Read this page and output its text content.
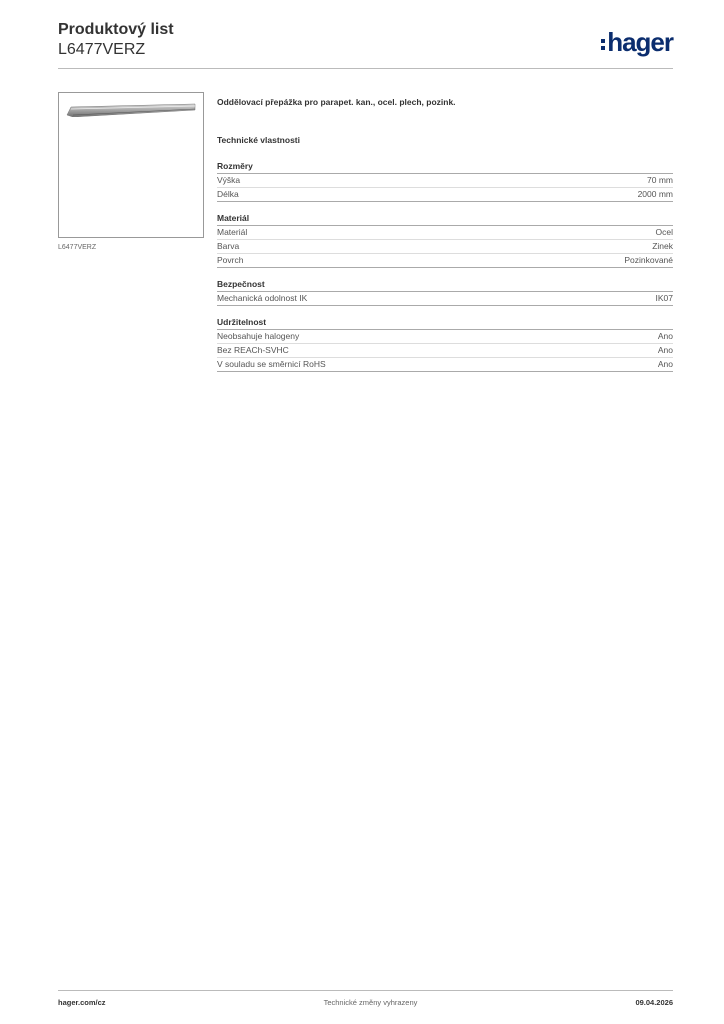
Produktový list
L6477VERZ	hager
L6477VERZ

Oddělovací přepážka pro parapet. kan., ocel. plech, pozink.

Technické vlastnosti
Rozměry
Výška	70 mm
Délka	2000 mm
Materiál
Materiál	Ocel
Barva	Zinek
Povrch	Pozinkované
Bezpečnost
Mechanická odolnost IK	IK07
Udržitelnost
Neobsahuje halogeny	Ano
Bez REACh-SVHC	Ano
V souladu se směrnicí RoHS	Ano
hager.com/cz	Technické změny vyhrazeny	09.04.2026
